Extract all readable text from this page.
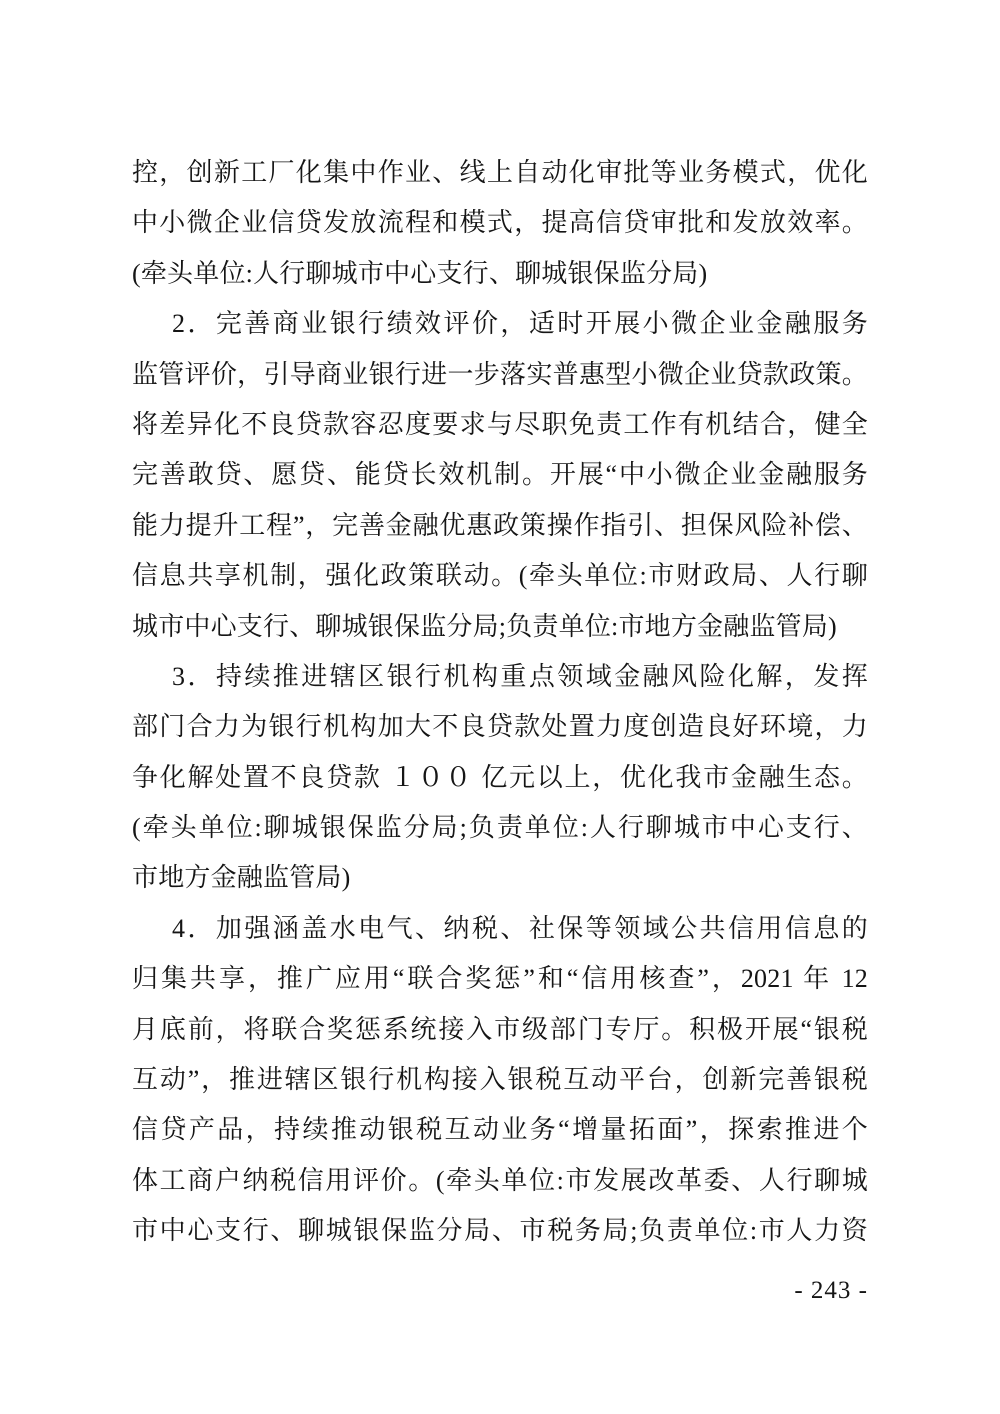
控，创新工厂化集中作业、线上自动化审批等业务模式，优化
中小微企业信贷发放流程和模式，提高信贷审批和发放效率。
(牵头单位:人行聊城市中心支行、聊城银保监分局)
2．完善商业银行绩效评价，适时开展小微企业金融服务
监管评价，引导商业银行进一步落实普惠型小微企业贷款政策。
将差异化不良贷款容忍度要求与尽职免责工作有机结合，健全
完善敢贷、愿贷、能贷长效机制。开展“中小微企业金融服务
能力提升工程”，完善金融优惠政策操作指引、担保风险补偿、
信息共享机制，强化政策联动。(牵头单位:市财政局、人行聊
城市中心支行、聊城银保监分局;负责单位:市地方金融监管局)
3．持续推进辖区银行机构重点领域金融风险化解，发挥
部门合力为银行机构加大不良贷款处置力度创造良好环境，力
争化解处置不良贷款 １００ 亿元以上，优化我市金融生态。
(牵头单位:聊城银保监分局;负责单位:人行聊城市中心支行、
市地方金融监管局)
4．加强涵盖水电气、纳税、社保等领域公共信用信息的
归集共享，推广应用“联合奖惩”和“信用核查”，2021 年 12
月底前，将联合奖惩系统接入市级部门专厅。积极开展“银税
互动”，推进辖区银行机构接入银税互动平台，创新完善银税
信贷产品，持续推动银税互动业务“增量拓面”，探索推进个
体工商户纳税信用评价。(牵头单位:市发展改革委、人行聊城
市中心支行、聊城银保监分局、市税务局;负责单位:市人力资
- 243 -
